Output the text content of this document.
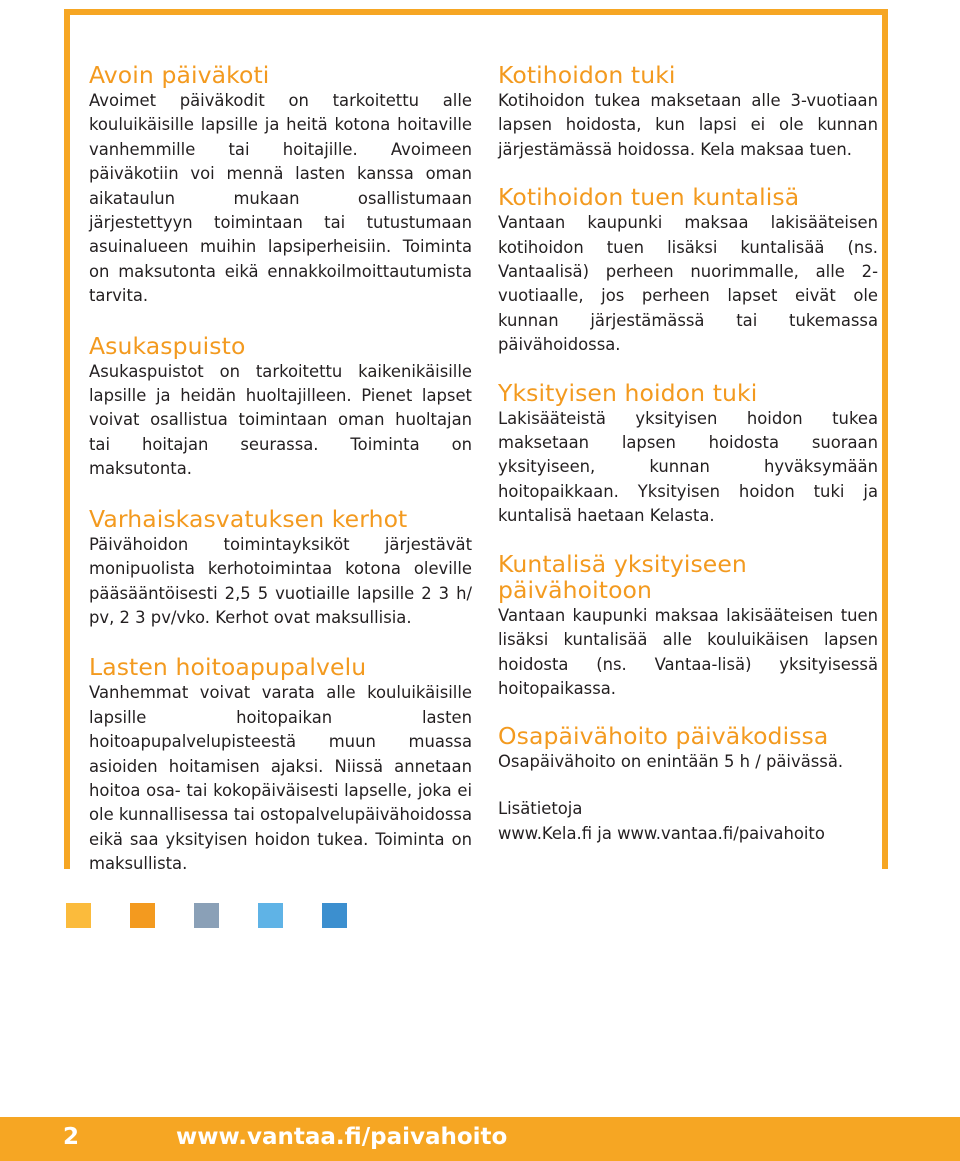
Avoin päiväkoti

Avoimet päiväkodit on tarkoitettu alle kouluikäisille lapsille ja heitä kotona hoitaville vanhemmille tai hoitajille. Avoimeen päiväkotiin voi mennä lasten kanssa oman aikataulun mukaan osallistumaan järjestettyyn toimintaan tai tutustumaan asuinalueen muihin lapsiperheisiin. Toiminta on maksutonta eikä ennakkoilmoittautumista tarvita.

Asukaspuisto

Asukaspuistot on tarkoitettu kaikenikäisille lapsille ja heidän huoltajilleen. Pienet lapset voivat osallistua toimintaan oman huoltajan tai hoitajan seurassa. Toiminta on maksutonta.

Varhaiskasvatuksen kerhot

Päivähoidon toimintayksiköt järjestävät monipuolista kerhotoimintaa kotona oleville pääsääntöisesti 2,5 5 vuotiaille lapsille 2 3 h/ pv, 2 3 pv/vko. Kerhot ovat maksullisia.

Lasten hoitoapupalvelu

Vanhemmat voivat varata alle kouluikäisille lapsille hoitopaikan lasten hoitoapupalvelupisteestä muun muassa asioiden hoitamisen ajaksi. Niissä annetaan hoitoa osa- tai kokopäiväisesti lapselle, joka ei ole kunnallisessa tai ostopalvelupäivähoidossa eikä saa yksityisen hoidon tukea. Toiminta on maksullista.

Kotihoidon tuki

Kotihoidon tukea maksetaan alle 3-vuotiaan lapsen hoidosta, kun lapsi ei ole kunnan järjestämässä hoidossa. Kela maksaa tuen.

Kotihoidon tuen kuntalisä

Vantaan kaupunki maksaa lakisääteisen kotihoidon tuen lisäksi kuntalisää (ns. Vantaalisä) perheen nuorimmalle, alle 2-vuotiaalle, jos perheen lapset eivät ole kunnan järjestämässä tai tukemassa päivähoidossa.

Yksityisen hoidon tuki

Lakisääteistä yksityisen hoidon tukea maksetaan lapsen hoidosta suoraan yksityiseen, kunnan hyväksymään hoitopaikkaan. Yksityisen hoidon tuki ja kuntalisä haetaan Kelasta.

Kuntalisä yksityiseen päivähoitoon

Vantaan kaupunki maksaa lakisääteisen tuen lisäksi kuntalisää alle kouluikäisen lapsen hoidosta (ns. Vantaa-lisä) yksityisessä hoitopaikassa.

Osapäivähoito päiväkodissa

Osapäivähoito on enintään 5 h / päivässä.

Lisätietoja

www.Kela.fi ja www.vantaa.fi/paivahoito

2	www.vantaa.fi/paivahoito
